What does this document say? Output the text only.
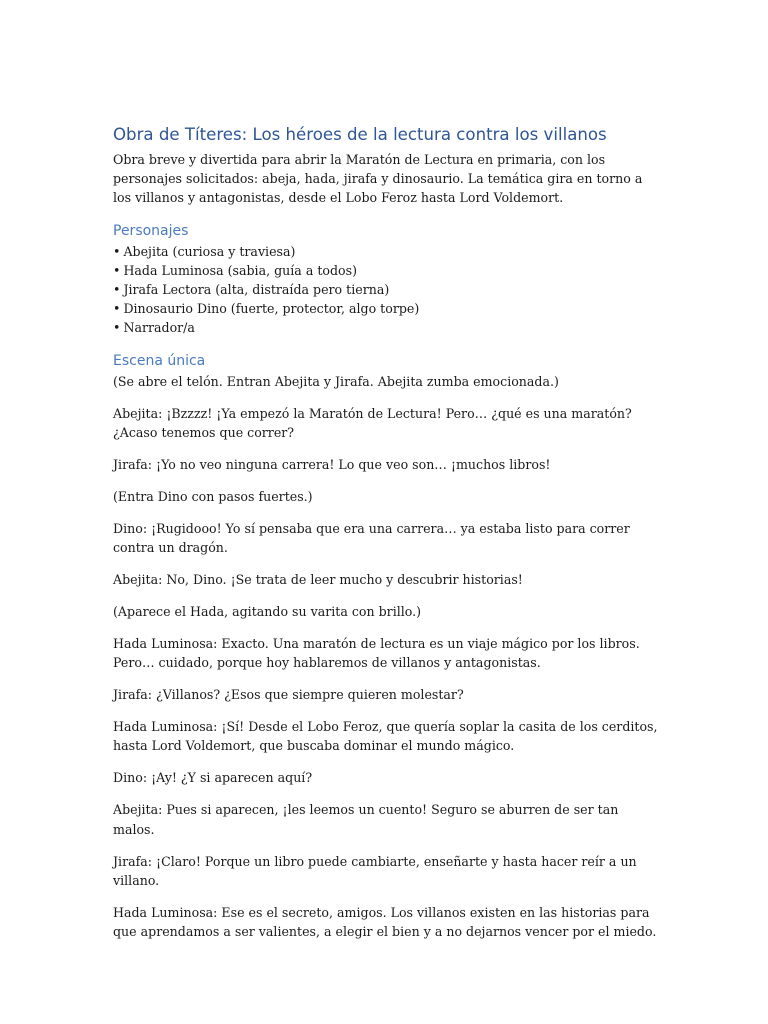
Obra de Títeres: Los héroes de la lectura contra los villanos

Obra breve y divertida para abrir la Maratón de Lectura en primaria, con los personajes solicitados: abeja, hada, jirafa y dinosaurio. La temática gira en torno a los villanos y antagonistas, desde el Lobo Feroz hasta Lord Voldemort.

Personajes
• Abejita (curiosa y traviesa)
• Hada Luminosa (sabia, guía a todos)
• Jirafa Lectora (alta, distraída pero tierna)
• Dinosaurio Dino (fuerte, protector, algo torpe)
• Narrador/a
Escena única

(Se abre el telón. Entran Abejita y Jirafa. Abejita zumba emocionada.)

Abejita: ¡Bzzzz! ¡Ya empezó la Maratón de Lectura! Pero… ¿qué es una maratón? ¿Acaso tenemos que correr?

Jirafa: ¡Yo no veo ninguna carrera! Lo que veo son… ¡muchos libros!

(Entra Dino con pasos fuertes.)

Dino: ¡Rugidooo! Yo sí pensaba que era una carrera… ya estaba listo para correr contra un dragón.

Abejita: No, Dino. ¡Se trata de leer mucho y descubrir historias!

(Aparece el Hada, agitando su varita con brillo.)

Hada Luminosa: Exacto. Una maratón de lectura es un viaje mágico por los libros. Pero… cuidado, porque hoy hablaremos de villanos y antagonistas.

Jirafa: ¿Villanos? ¿Esos que siempre quieren molestar?

Hada Luminosa: ¡Sí! Desde el Lobo Feroz, que quería soplar la casita de los cerditos, hasta Lord Voldemort, que buscaba dominar el mundo mágico.

Dino: ¡Ay! ¿Y si aparecen aquí?

Abejita: Pues si aparecen, ¡les leemos un cuento! Seguro se aburren de ser tan malos.

Jirafa: ¡Claro! Porque un libro puede cambiarte, enseñarte y hasta hacer reír a un villano.

Hada Luminosa: Ese es el secreto, amigos. Los villanos existen en las historias para que aprendamos a ser valientes, a elegir el bien y a no dejarnos vencer por el miedo.
